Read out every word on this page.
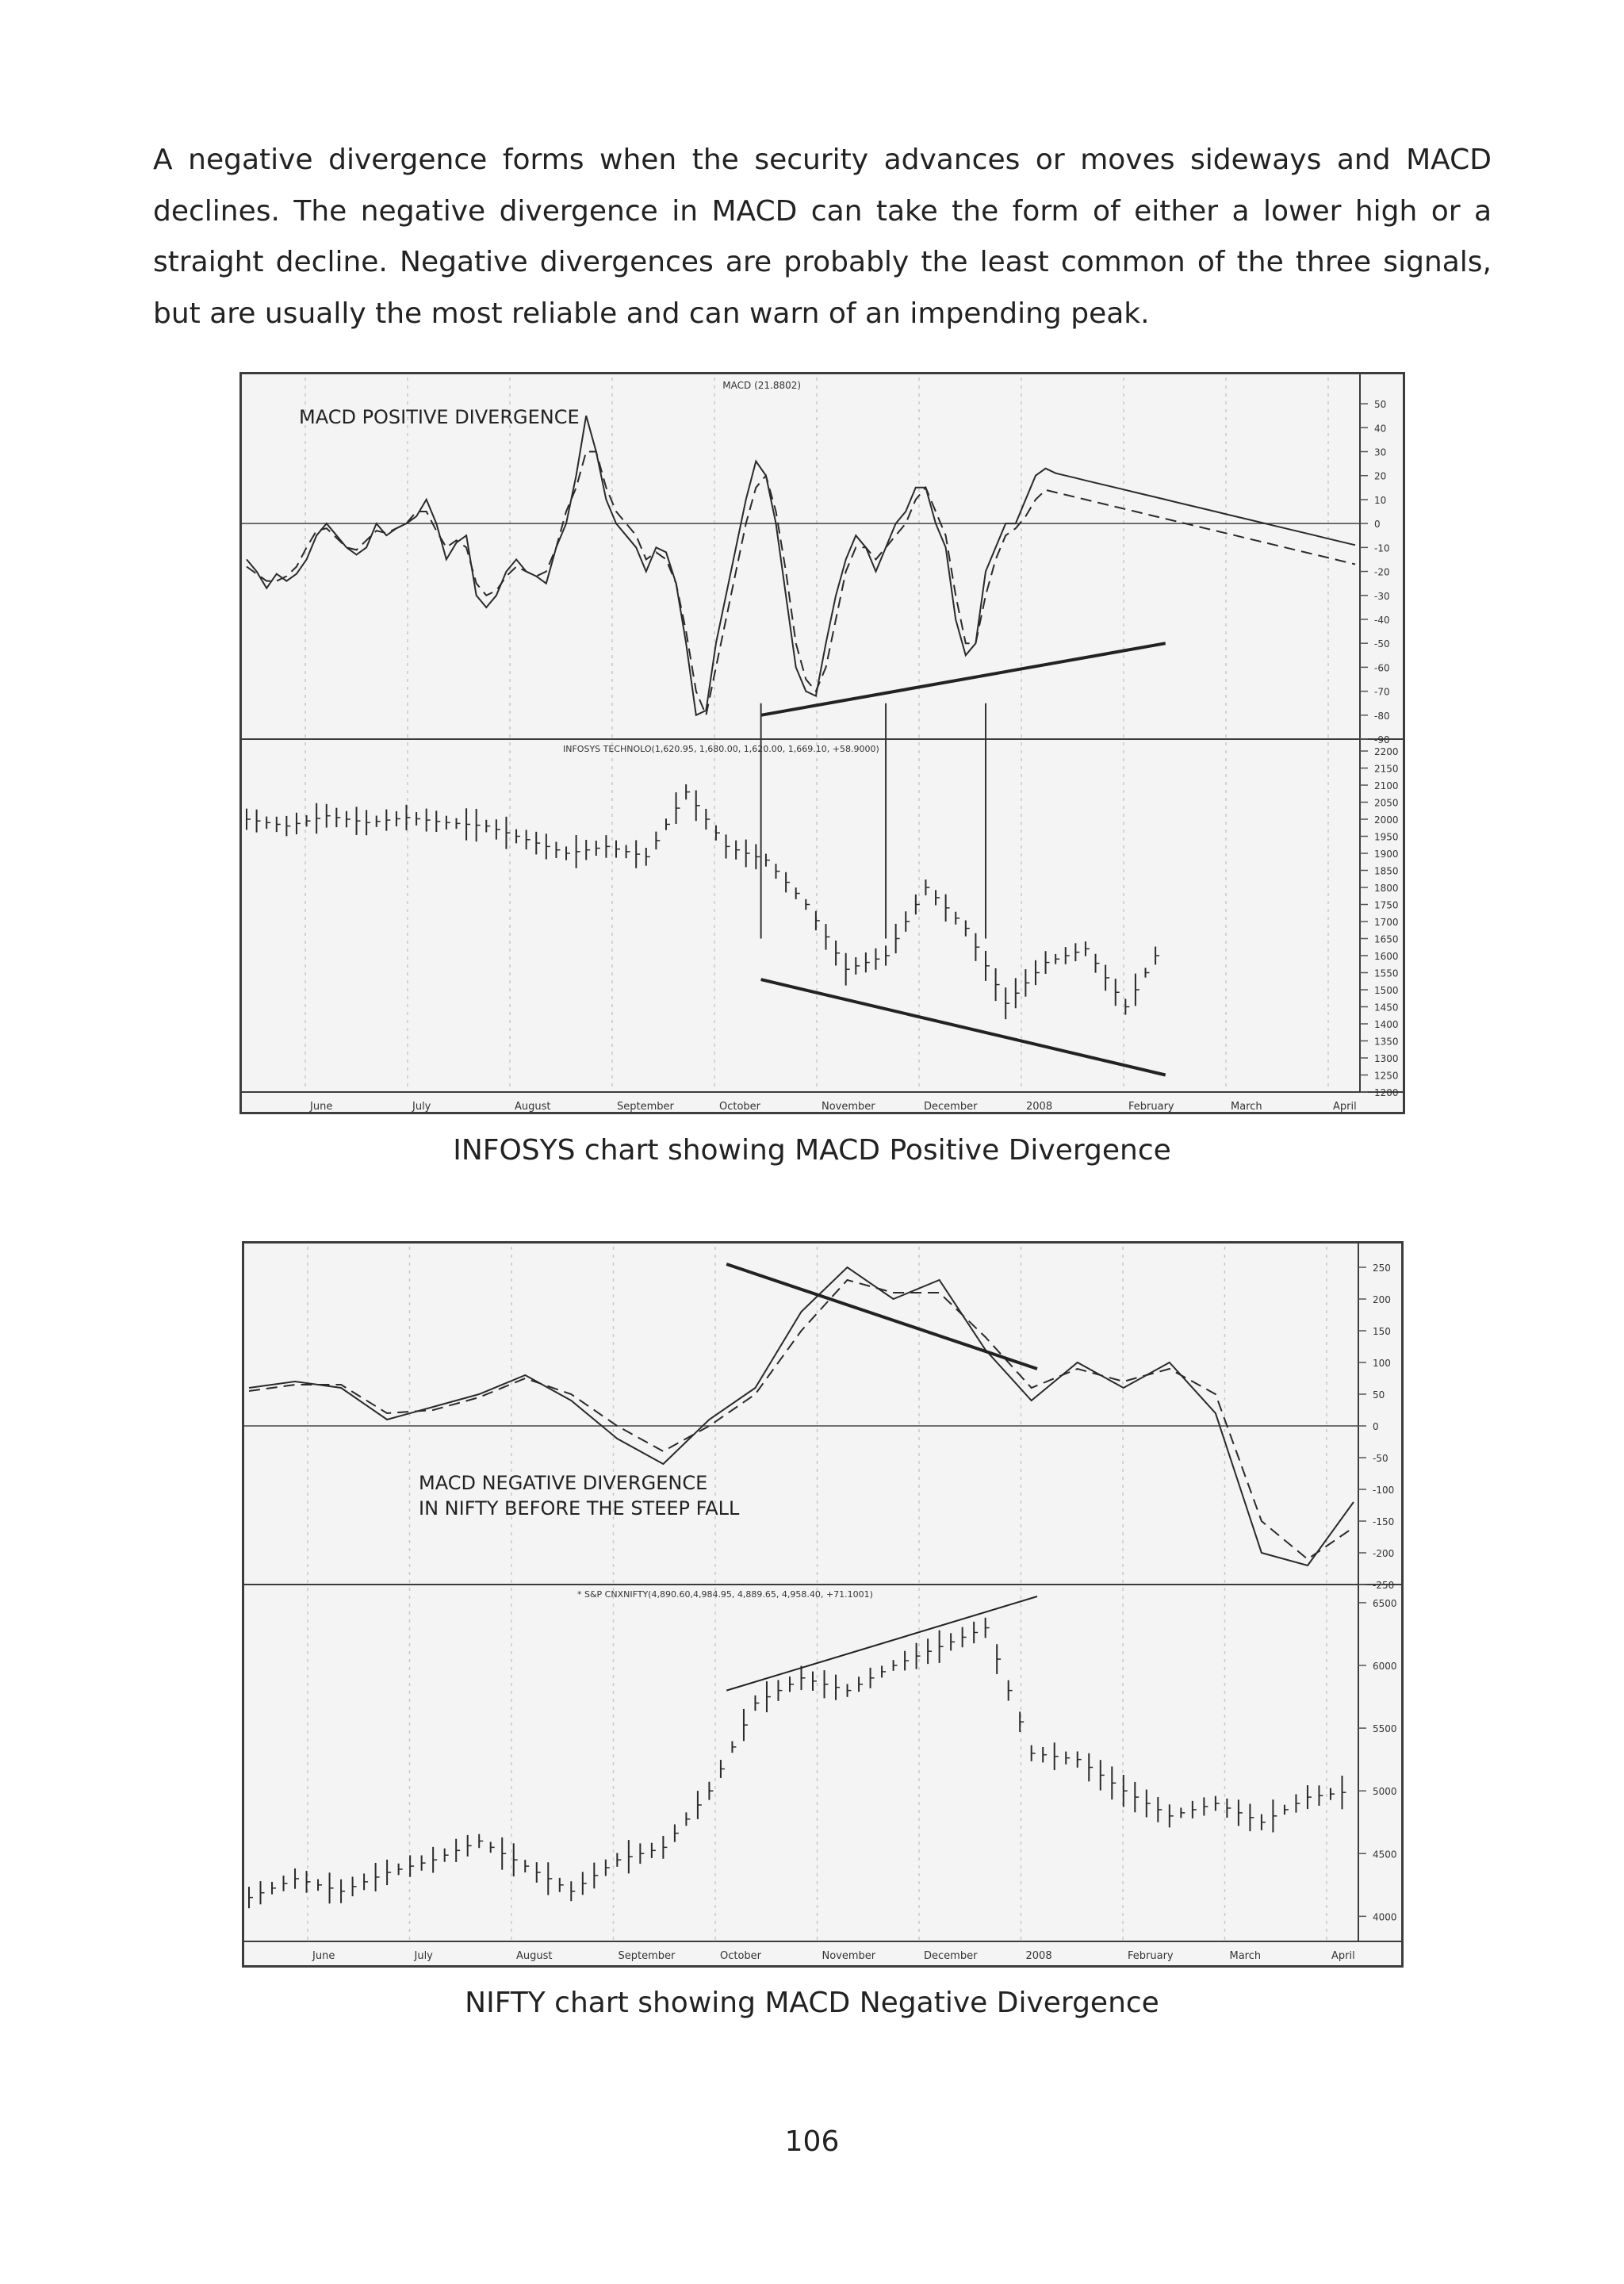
A negative divergence forms when the security advances or moves sideways and MACD declines. The negative divergence in MACD can take the form of either a lower high or a straight decline. Negative divergences are probably the least common of the three signals, but are usually the most reliable and can warn of an impending peak.

June	July	August	September	October	November	December	2008	February	March	April
50
40
30
20
10
0
-10
-20
-30
-40
-50
-60
-70
-80
-90
MACD (21.8802)
MACD POSITIVE DIVERGENCE
2200
2150
2100
2050
2000
1950
1900
1850
1800
1750
1700
1650
1600
1550
1500
1450
1400
1350
1300
1250
1200
INFOSYS TECHNOLO(1,620.95, 1,680.00, 1,620.00, 1,669.10, +58.9000)

INFOSYS chart showing MACD Positive Divergence

June	July	August	September	October	November	December	2008	February	March	April
250
200
150
100
50
0
-50
-100
-150
-200
-250
MACD NEGATIVE DIVERGENCE
IN NIFTY BEFORE THE STEEP FALL
6500
6000
5500
5000
4500
4000
* S&P CNXNIFTY(4,890.60,4,984.95, 4,889.65, 4,958.40, +71.1001)

NIFTY chart showing MACD Negative Divergence

106
